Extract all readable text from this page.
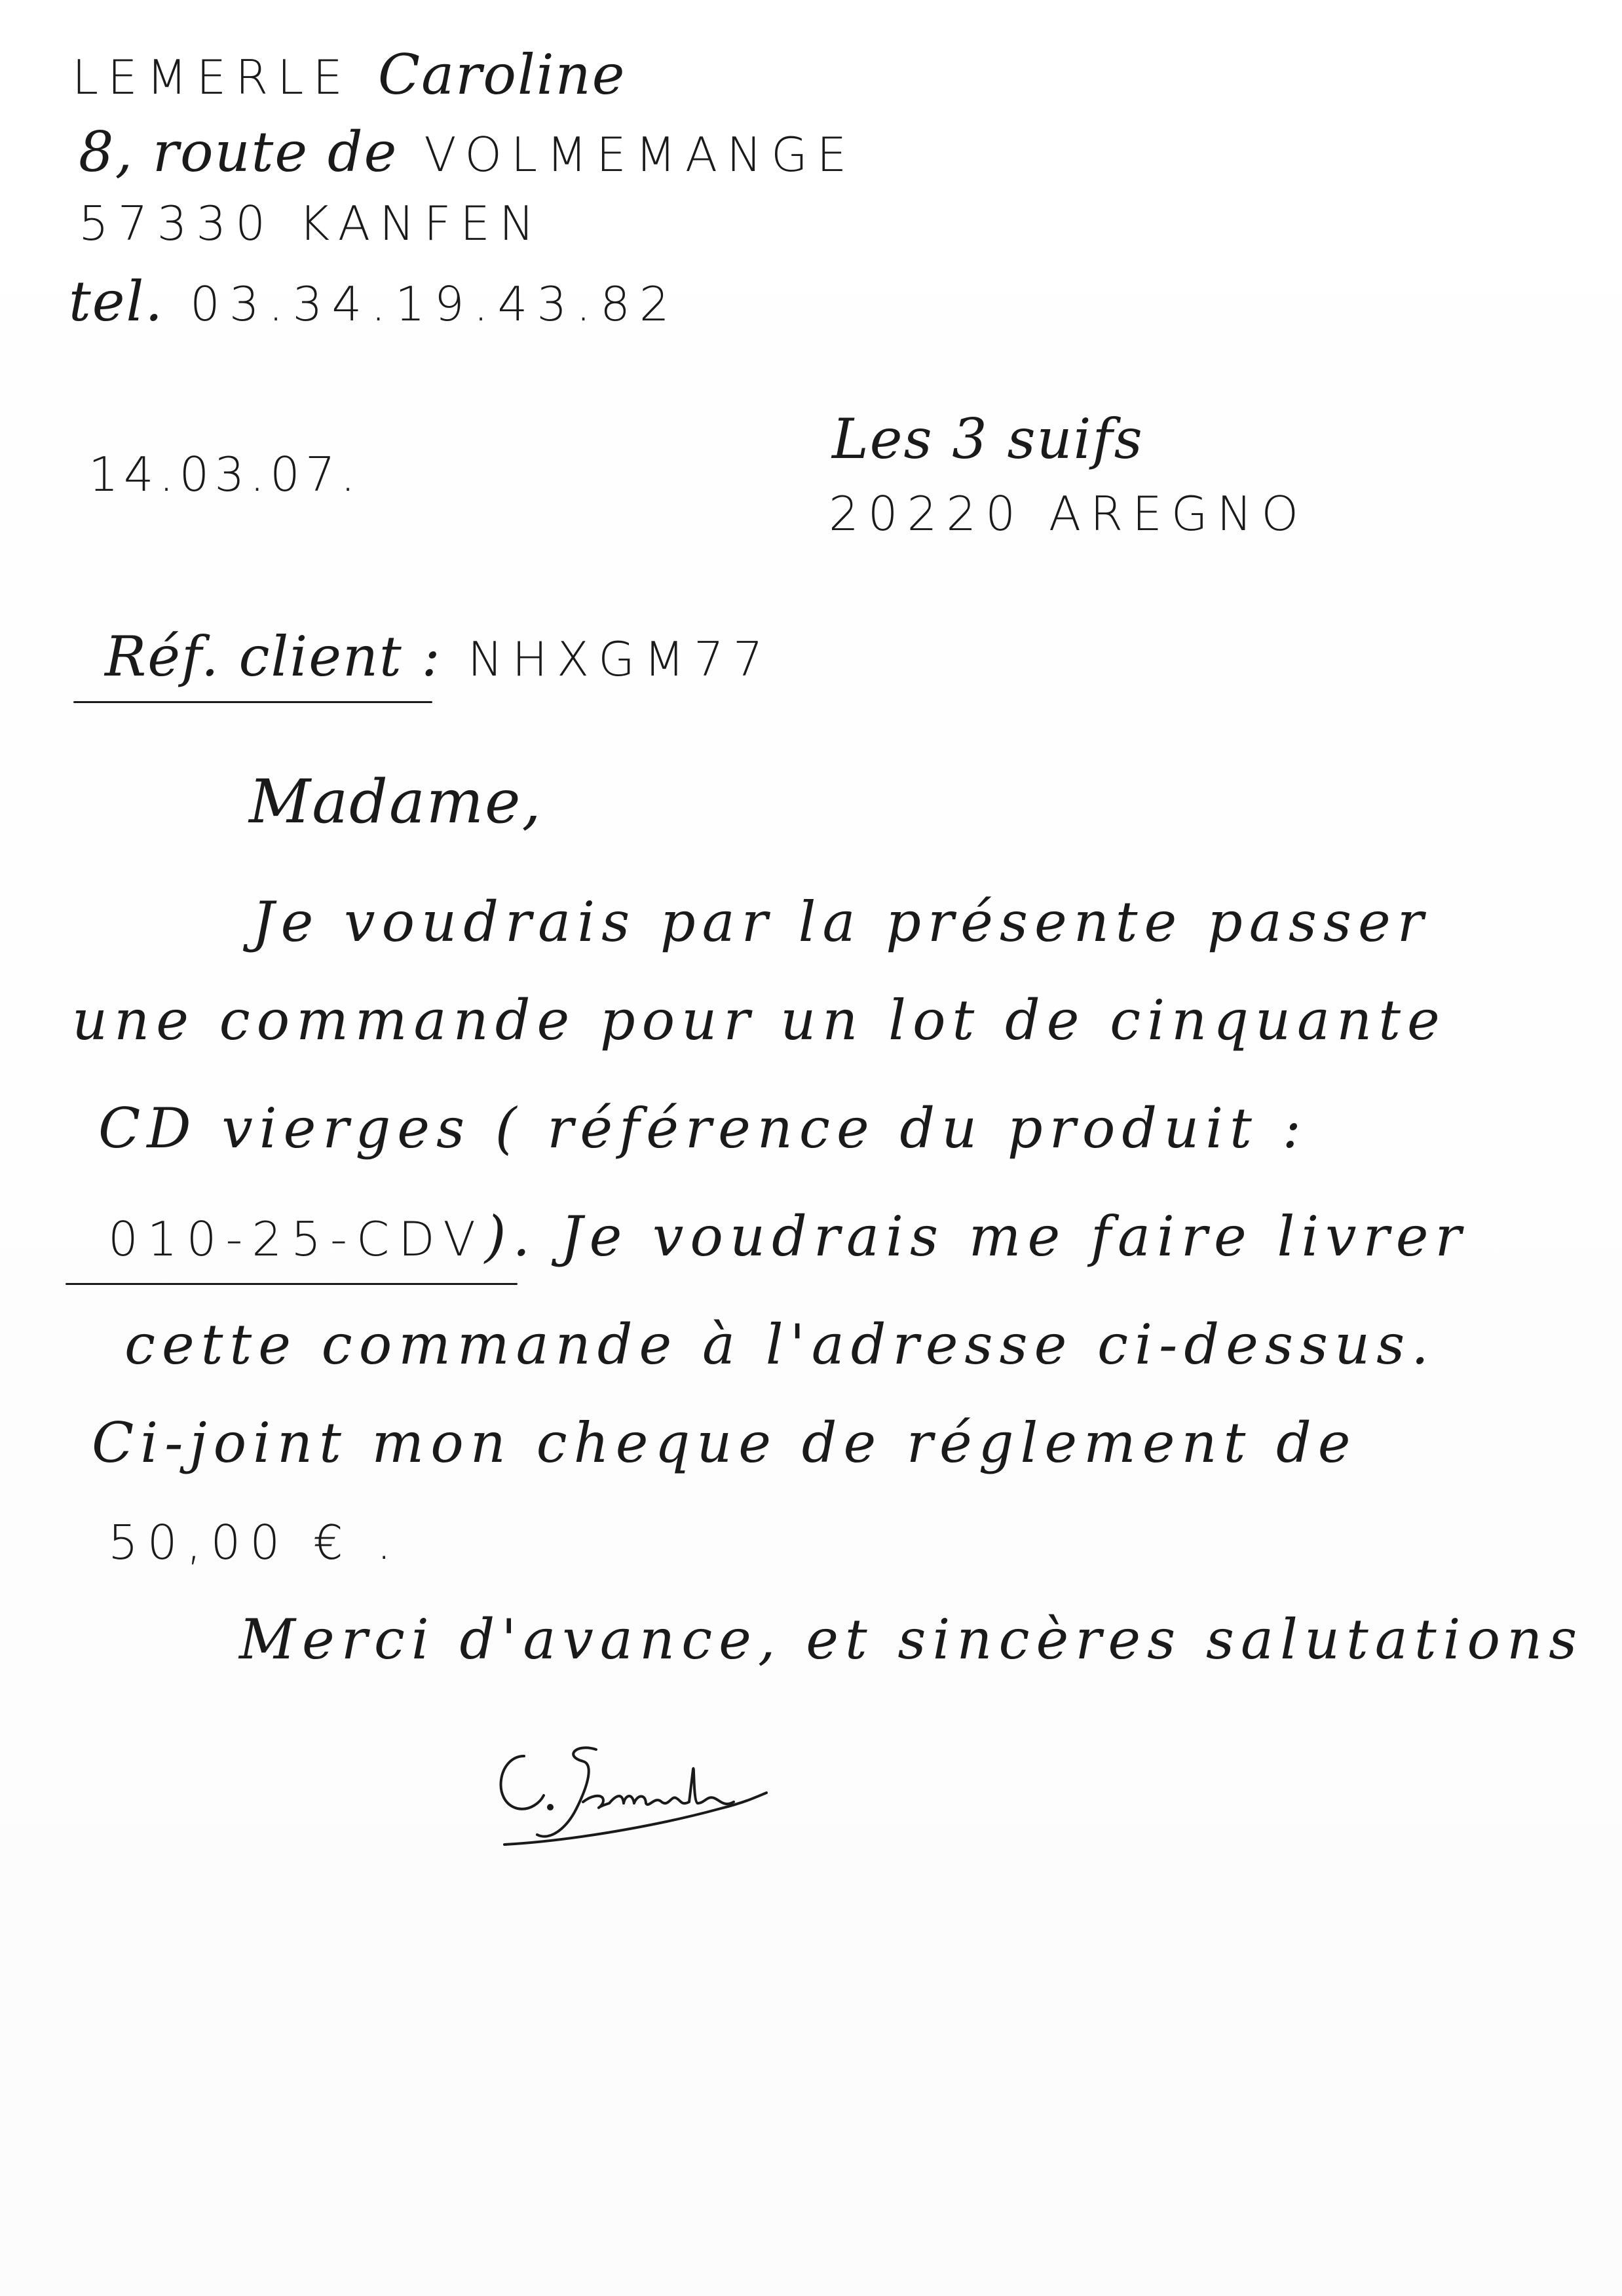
LEMERLE Caroline
8, route de VOLMEMANGE
57330 KANFEN
tel. 03.34.19.43.82
14.03.07.
Les 3 suifs
20220 AREGNO
Réf. client : NHXGM77
Madame,
Je voudrais par la présente passer
une commande pour un lot de cinquante
CD vierges ( référence du produit :
010-25-CDV). Je voudrais me faire livrer
cette commande à l'adresse ci-dessus.
Ci-joint mon cheque de réglement de
50,00 € .
Merci d'avance, et sincères salutations
